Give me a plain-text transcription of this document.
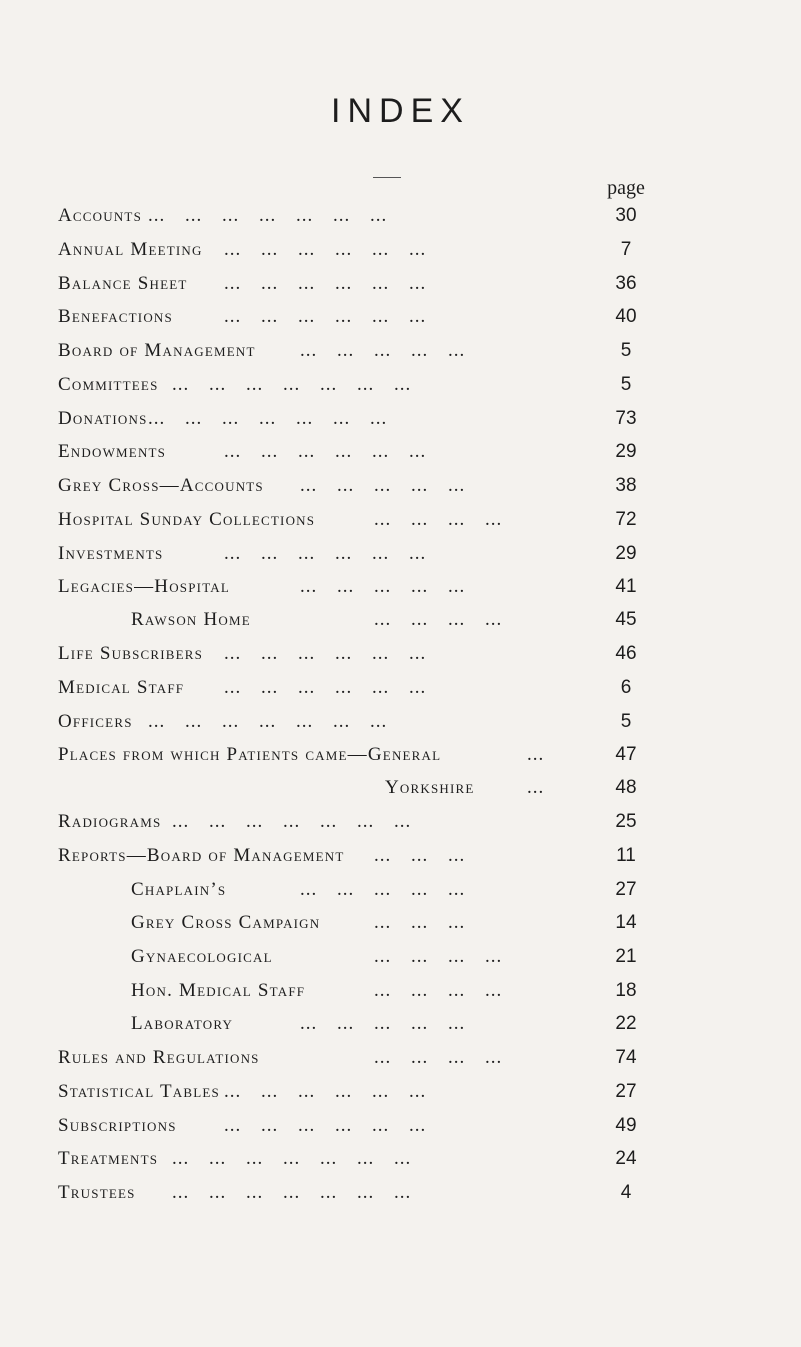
INDEX
page
Accounts ... ... ... ... ... ... ...	30
Annual Meeting ... ... ... ... ... ...	7
Balance Sheet ... ... ... ... ... ...	36
Benefactions	... ... ... ... ... ...	40
Board of Management ... ... ... ... ...	5
Committees ... ... ... ... ... ... ...	5
Donations ... ... ... ... ... ... ...	73
Endowments	... ... ... ... ... ...	29
Grey Cross—Accounts ... ... ... ... ...	38
Hospital Sunday Collections	... ... ... ...	72
Investments	... ... ... ... ... ...	29
Legacies—Hospital	... ... ... ... ...	41
Rawson Home	... ... ... ...	45
Life Subscribers ... ... ... ... ... ...	46
Medical Staff ... ... ... ... ... ...	6
Officers ... ... ... ... ... ... ...	5
Places from which Patients came—General	...	47
Yorkshire	...	48
Radiograms ... ... ... ... ... ... ...	25
Reports—Board of Management ... ... ...	11
Chaplain’s	... ... ... ... ...	27
Grey Cross Campaign	... ... ...	14
Gynaecological	... ... ... ...	21
Hon. Medical Staff	... ... ... ...	18
Laboratory	... ... ... ... ...	22
Rules and Regulations	... ... ... ...	74
Statistical Tables ... ... ... ... ... ...	27
Subscriptions ... ... ... ... ... ...	49
Treatments ... ... ... ... ... ... ...	24
Trustees ... ... ... ... ... ... ...	4
